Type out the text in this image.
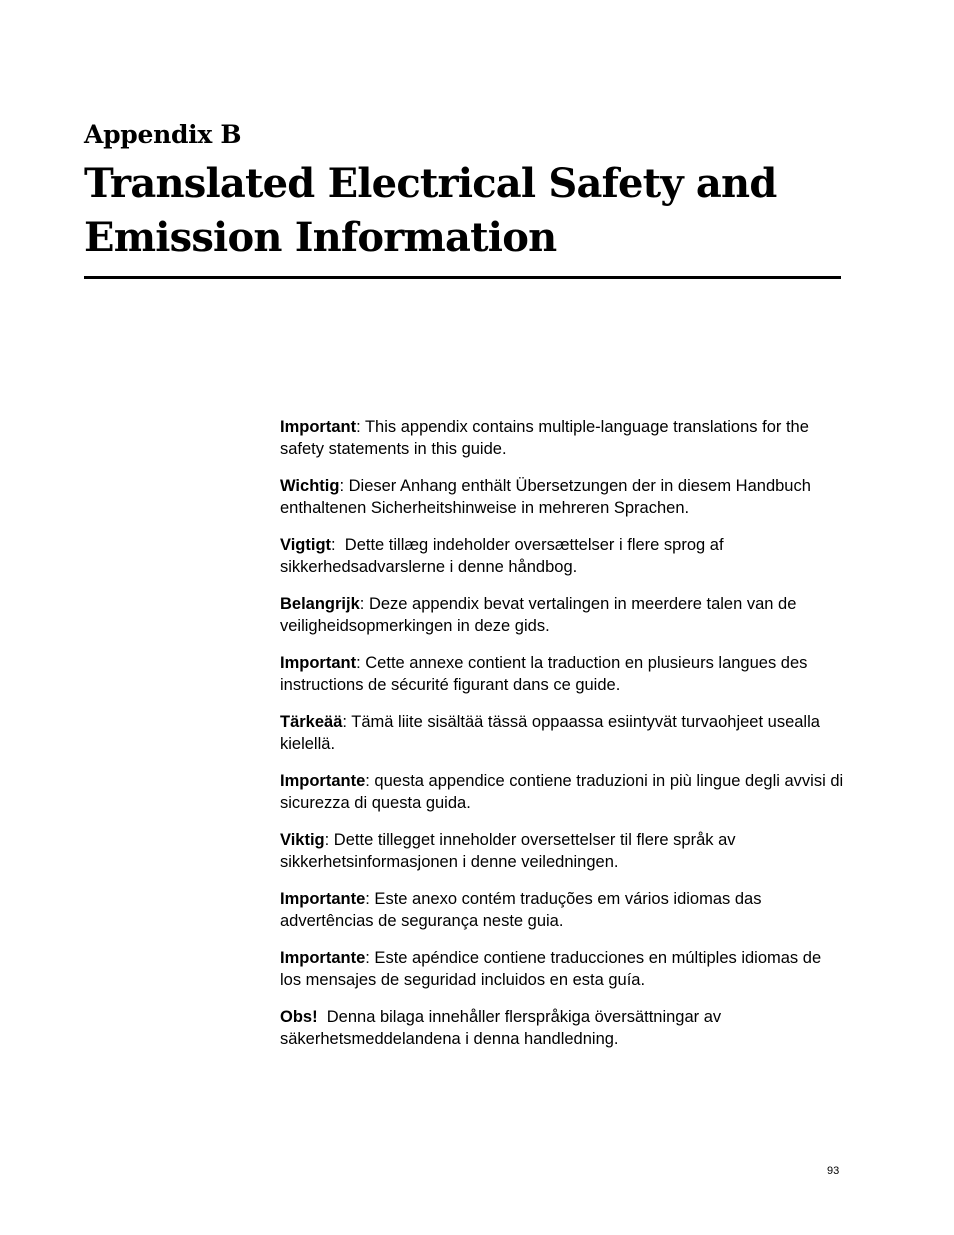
Appendix B
Translated Electrical Safety and
Emission Information

Important: This appendix contains multiple-language translations for the safety statements in this guide.

Wichtig: Dieser Anhang enthält Übersetzungen der in diesem Handbuch enthaltenen Sicherheitshinweise in mehreren Sprachen.

Vigtigt:  Dette tillæg indeholder oversættelser i flere sprog af sikkerhedsadvarslerne i denne håndbog.

Belangrijk: Deze appendix bevat vertalingen in meerdere talen van de veiligheidsopmerkingen in deze gids.

Important: Cette annexe contient la traduction en plusieurs langues des instructions de sécurité figurant dans ce guide.

Tärkeää: Tämä liite sisältää tässä oppaassa esiintyvät turvaohjeet usealla kielellä.

Importante: questa appendice contiene traduzioni in più lingue degli avvisi di sicurezza di questa guida.

Viktig: Dette tillegget inneholder oversettelser til flere språk av sikkerhetsinformasjonen i denne veiledningen.

Importante: Este anexo contém traduções em vários idiomas das advertências de segurança neste guia.

Importante: Este apéndice contiene traducciones en múltiples idiomas de los mensajes de seguridad incluidos en esta guía.

Obs!  Denna bilaga innehåller flerspråkiga översättningar av säkerhetsmeddelandena i denna handledning.

93
